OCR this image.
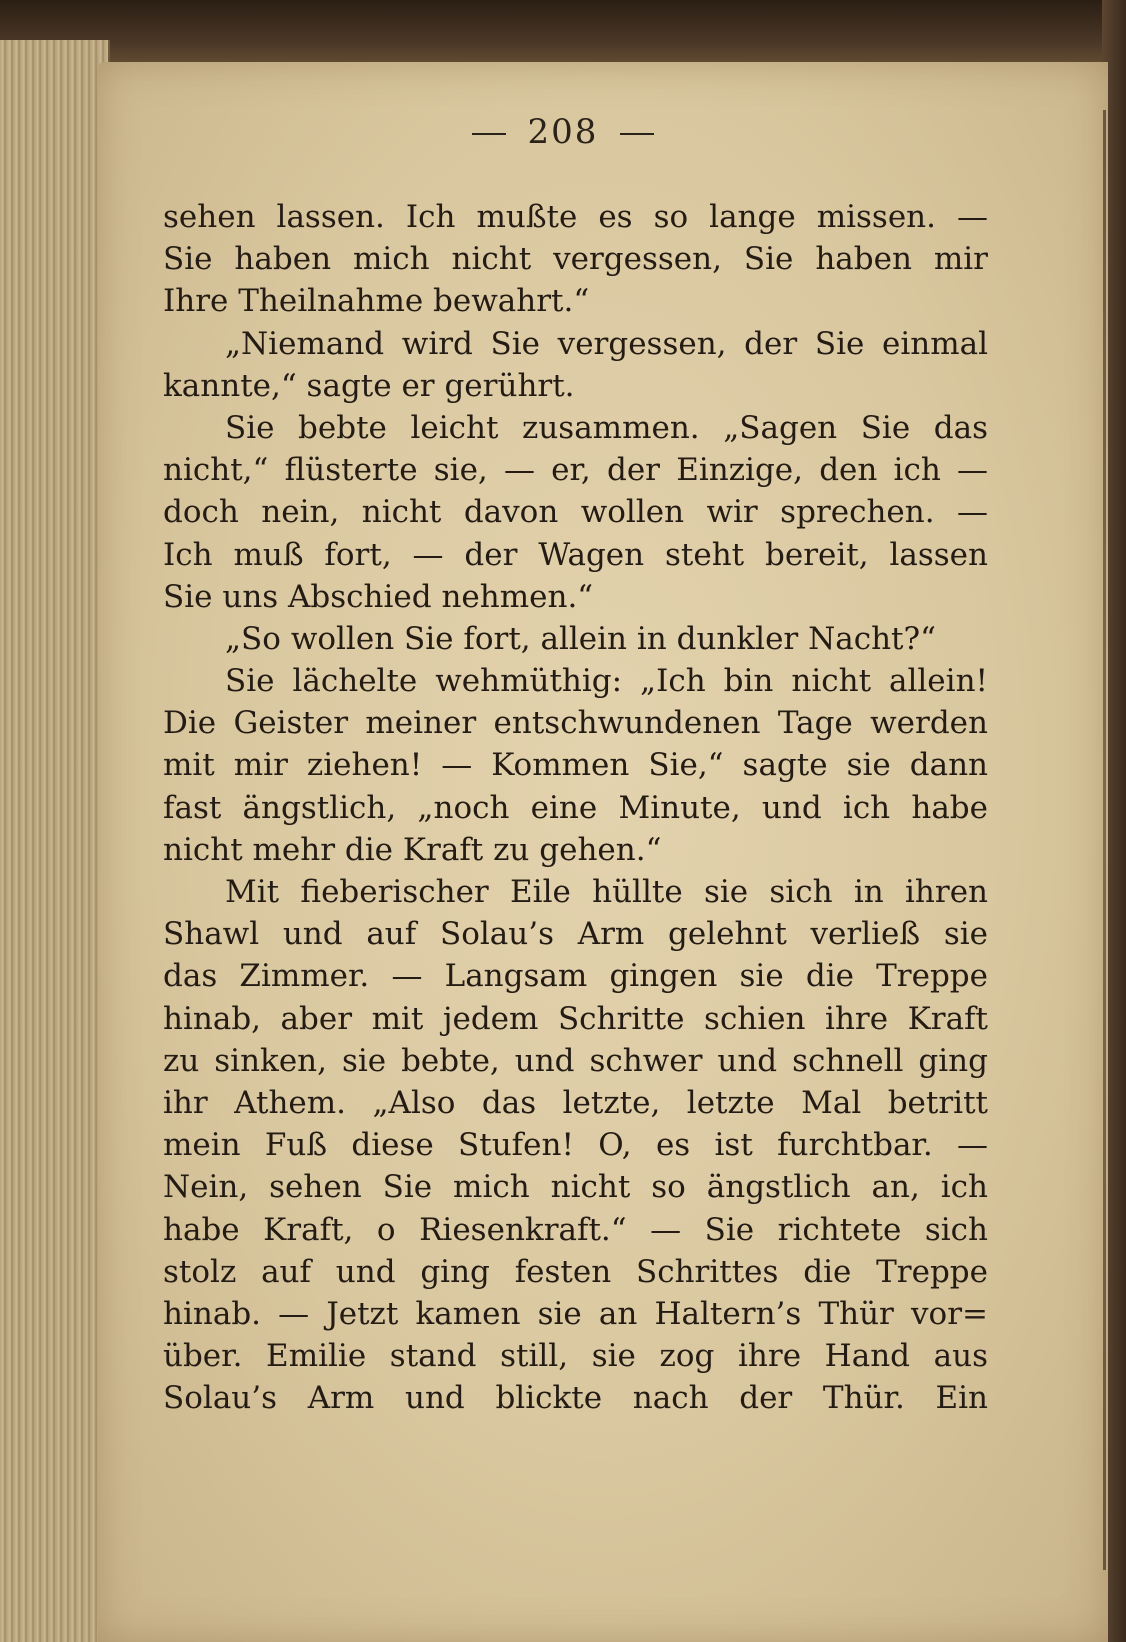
208
sehen lassen. Ich mußte es so lange missen. —
Sie haben mich nicht vergessen, Sie haben mir
Ihre Theilnahme bewahrt.“
„Niemand wird Sie vergessen, der Sie einmal
kannte,“ sagte er gerührt.
Sie bebte leicht zusammen. „Sagen Sie das
nicht,“ flüsterte sie, — er, der Einzige, den ich —
doch nein, nicht davon wollen wir sprechen. —
Ich muß fort, — der Wagen steht bereit, lassen
Sie uns Abschied nehmen.“
„So wollen Sie fort, allein in dunkler Nacht?“
Sie lächelte wehmüthig: „Ich bin nicht allein!
Die Geister meiner entschwundenen Tage werden
mit mir ziehen! — Kommen Sie,“ sagte sie dann
fast ängstlich, „noch eine Minute, und ich habe
nicht mehr die Kraft zu gehen.“
Mit fieberischer Eile hüllte sie sich in ihren
Shawl und auf Solau’s Arm gelehnt verließ sie
das Zimmer. — Langsam gingen sie die Treppe
hinab, aber mit jedem Schritte schien ihre Kraft
zu sinken, sie bebte, und schwer und schnell ging
ihr Athem. „Also das letzte, letzte Mal betritt
mein Fuß diese Stufen! O, es ist furchtbar. —
Nein, sehen Sie mich nicht so ängstlich an, ich
habe Kraft, o Riesenkraft.“ — Sie richtete sich
stolz auf und ging festen Schrittes die Treppe
hinab. — Jetzt kamen sie an Haltern’s Thür vor=
über. Emilie stand still, sie zog ihre Hand aus
Solau’s Arm und blickte nach der Thür. Ein
